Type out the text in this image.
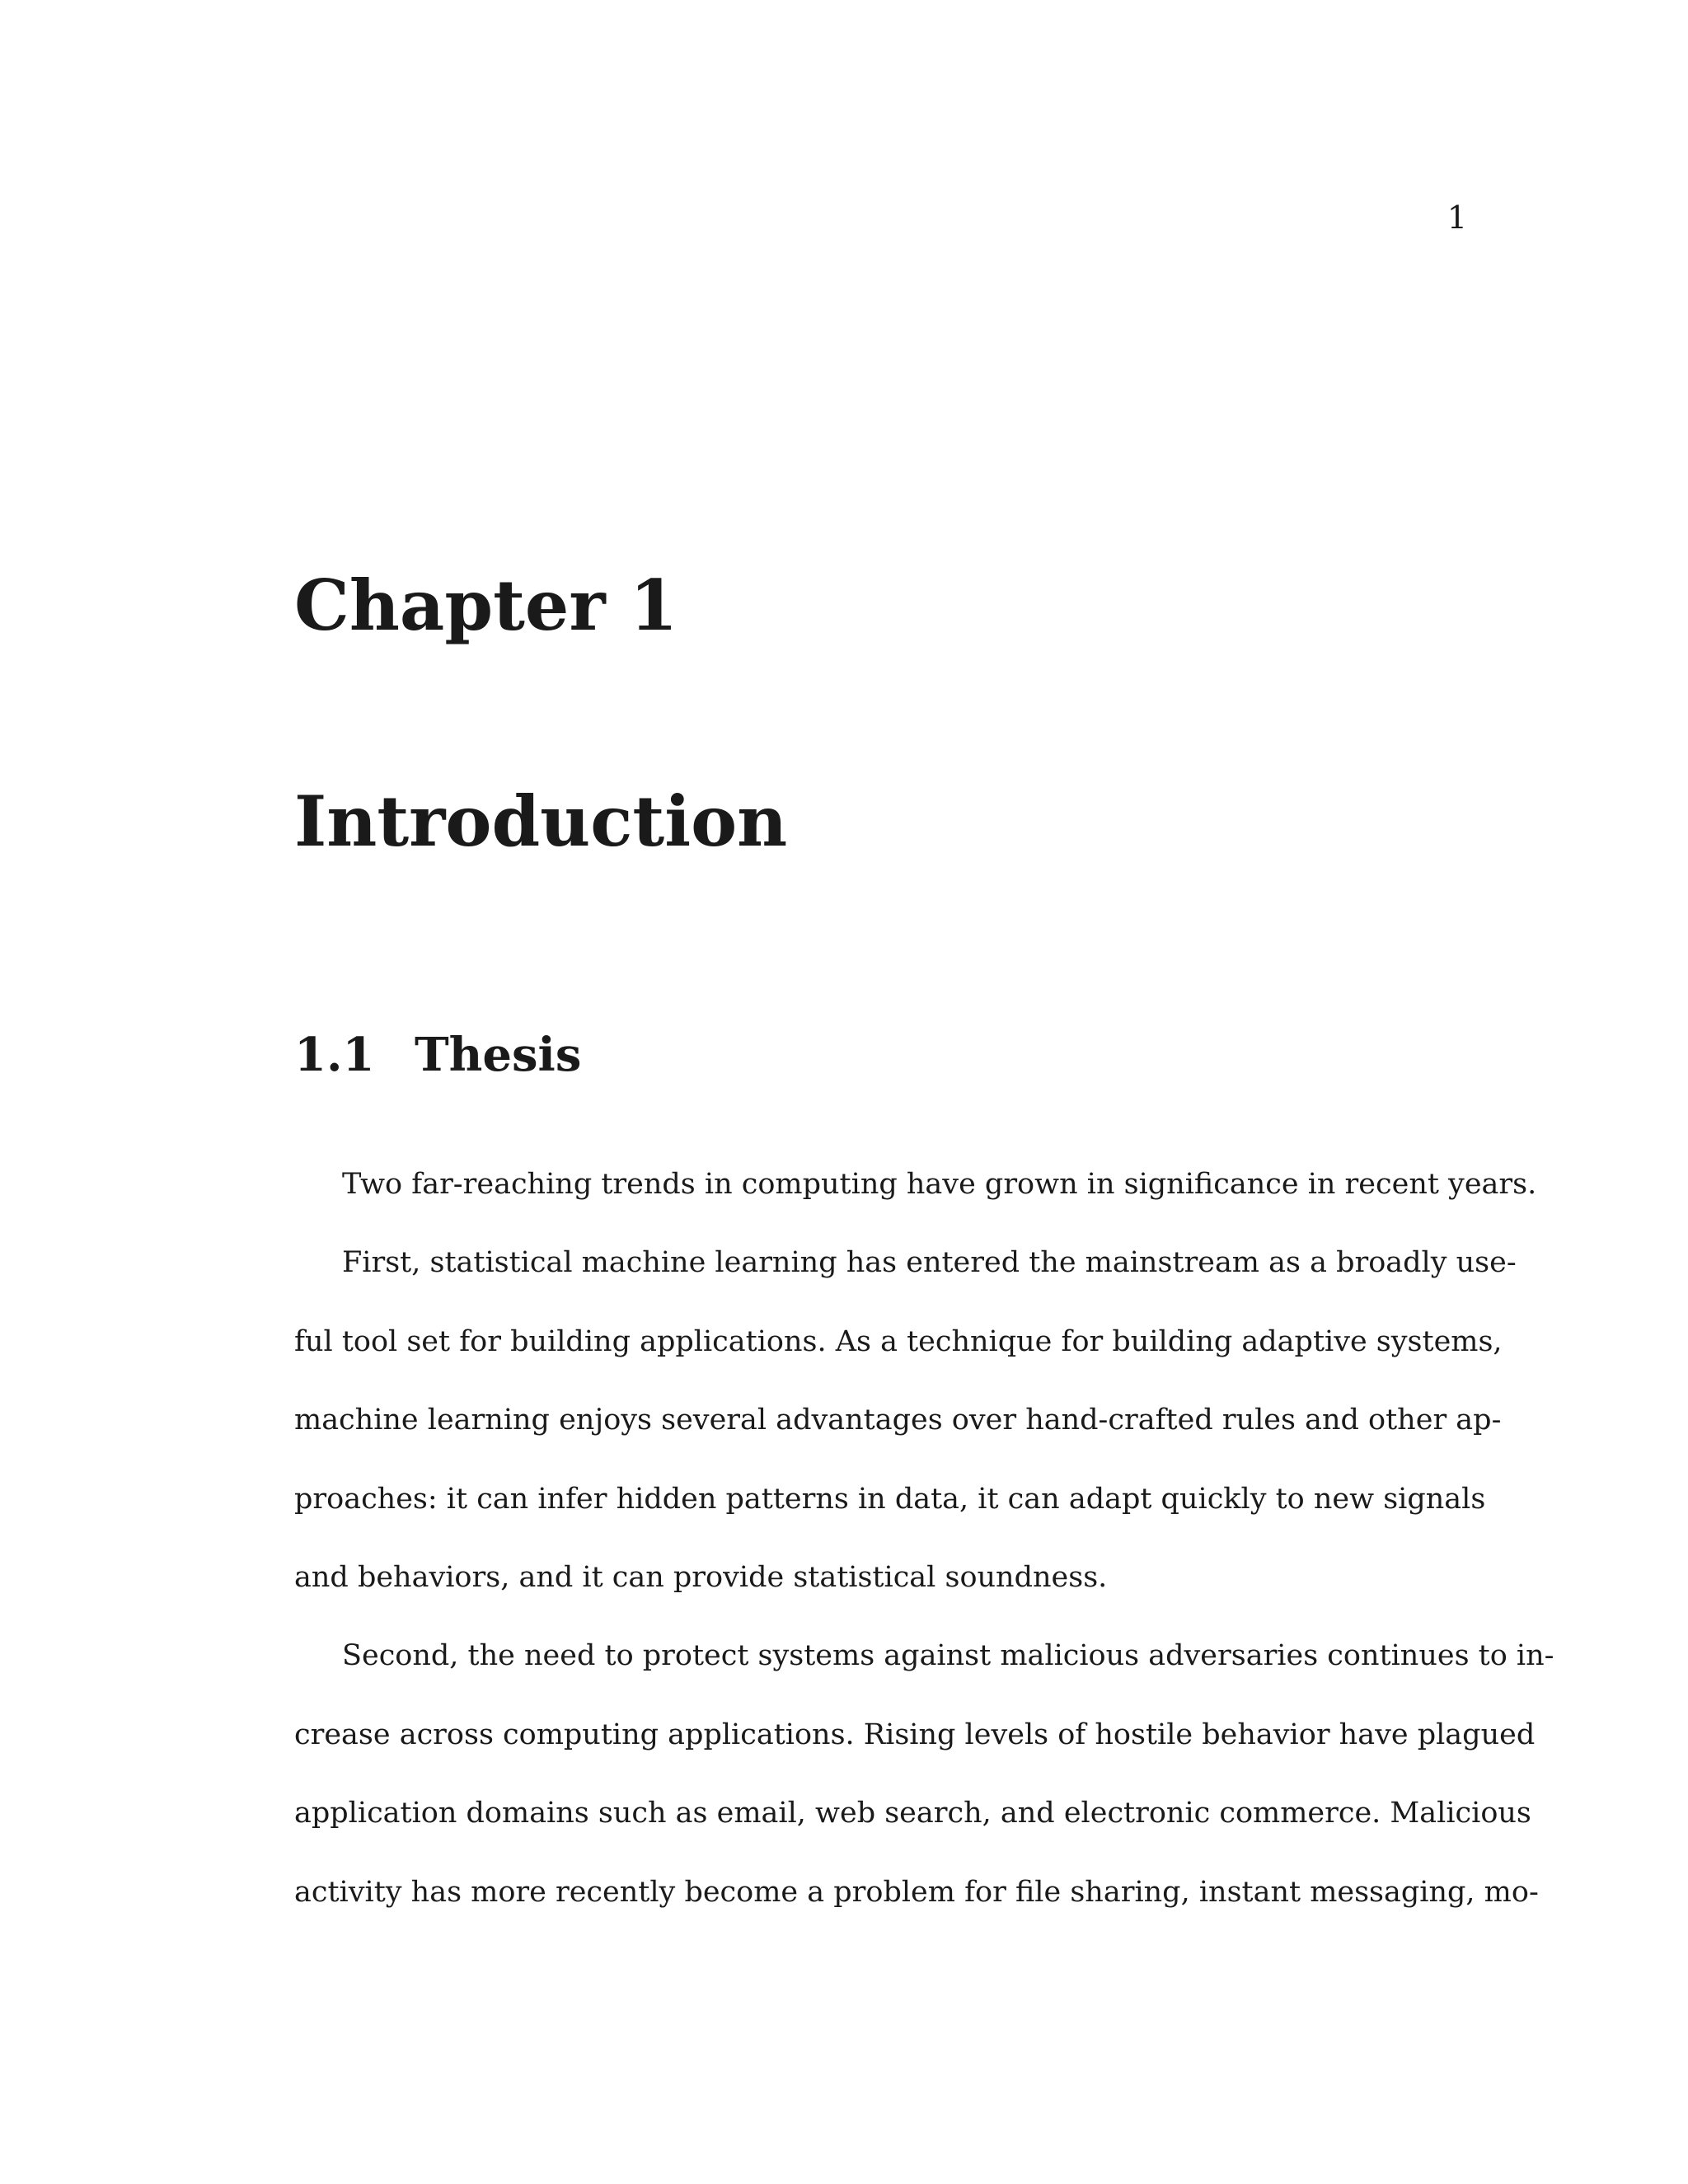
1
Chapter 1
Introduction
1.1 Thesis
Two far-reaching trends in computing have grown in significance in recent years.
First, statistical machine learning has entered the mainstream as a broadly use-
ful tool set for building applications. As a technique for building adaptive systems,
machine learning enjoys several advantages over hand-crafted rules and other ap-
proaches: it can infer hidden patterns in data, it can adapt quickly to new signals
and behaviors, and it can provide statistical soundness.
Second, the need to protect systems against malicious adversaries continues to in-
crease across computing applications. Rising levels of hostile behavior have plagued
application domains such as email, web search, and electronic commerce. Malicious
activity has more recently become a problem for file sharing, instant messaging, mo-
